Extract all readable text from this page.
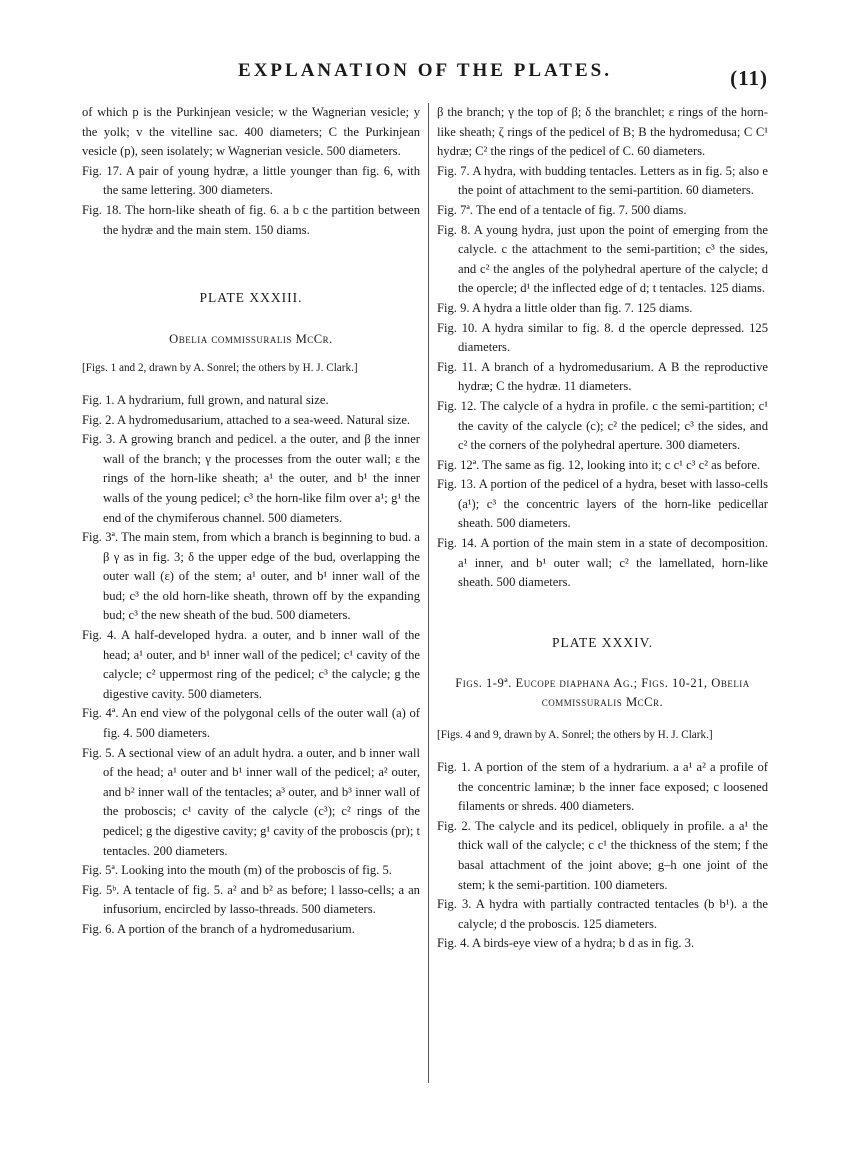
EXPLANATION OF THE PLATES.	(11)

of which p is the Purkinjean vesicle; w the Wagnerian vesicle; y the yolk; v the vitelline sac. 400 diameters; C the Purkinjean vesicle (p), seen isolately; w Wagnerian vesicle. 500 diameters.

Fig. 17. A pair of young hydræ, a little younger than fig. 6, with the same lettering. 300 diameters.

Fig. 18. The horn-like sheath of fig. 6. a b c the partition between the hydræ and the main stem. 150 diams.

PLATE XXXIII.
Obelia commissuralis McCr.
[Figs. 1 and 2, drawn by A. Sonrel; the others by H. J. Clark.]

Fig. 1. A hydrarium, full grown, and natural size.

Fig. 2. A hydromedusarium, attached to a sea-weed. Natural size.

Fig. 3. A growing branch and pedicel. a the outer, and β the inner wall of the branch; γ the processes from the outer wall; ε the rings of the horn-like sheath; a¹ the outer, and b¹ the inner walls of the young pedicel; c³ the horn-like film over a¹; g¹ the end of the chymiferous channel. 500 diameters.

Fig. 3ª. The main stem, from which a branch is beginning to bud. a β γ as in fig. 3; δ the upper edge of the bud, overlapping the outer wall (ε) of the stem; a¹ outer, and b¹ inner wall of the bud; c³ the old horn-like sheath, thrown off by the expanding bud; c³ the new sheath of the bud. 500 diameters.

Fig. 4. A half-developed hydra. a outer, and b inner wall of the head; a¹ outer, and b¹ inner wall of the pedicel; c¹ cavity of the calycle; c² uppermost ring of the pedicel; c³ the calycle; g the digestive cavity. 500 diameters.

Fig. 4ª. An end view of the polygonal cells of the outer wall (a) of fig. 4. 500 diameters.

Fig. 5. A sectional view of an adult hydra. a outer, and b inner wall of the head; a¹ outer and b¹ inner wall of the pedicel; a² outer, and b² inner wall of the tentacles; a³ outer, and b³ inner wall of the proboscis; c¹ cavity of the calycle (c³); c² rings of the pedicel; g the digestive cavity; g¹ cavity of the proboscis (pr); t tentacles. 200 diameters.

Fig. 5ª. Looking into the mouth (m) of the proboscis of fig. 5.

Fig. 5ᵇ. A tentacle of fig. 5. a² and b² as before; l lasso-cells; a an infusorium, encircled by lasso-threads. 500 diameters.

Fig. 6. A portion of the branch of a hydromedusarium.

β the branch; γ the top of β; δ the branchlet; ε rings of the horn-like sheath; ζ rings of the pedicel of B; B the hydromedusa; C C¹ hydræ; C² the rings of the pedicel of C. 60 diameters.

Fig. 7. A hydra, with budding tentacles. Letters as in fig. 5; also e the point of attachment to the semi-partition. 60 diameters.

Fig. 7ª. The end of a tentacle of fig. 7. 500 diams.

Fig. 8. A young hydra, just upon the point of emerging from the calycle. c the attachment to the semi-partition; c³ the sides, and c² the angles of the polyhedral aperture of the calycle; d the opercle; d¹ the inflected edge of d; t tentacles. 125 diams.

Fig. 9. A hydra a little older than fig. 7. 125 diams.

Fig. 10. A hydra similar to fig. 8. d the opercle depressed. 125 diameters.

Fig. 11. A branch of a hydromedusarium. A B the reproductive hydræ; C the hydræ. 11 diameters.

Fig. 12. The calycle of a hydra in profile. c the semi-partition; c¹ the cavity of the calycle (c); c² the pedicel; c³ the sides, and c² the corners of the polyhedral aperture. 300 diameters.

Fig. 12ª. The same as fig. 12, looking into it; c c¹ c³ c² as before.

Fig. 13. A portion of the pedicel of a hydra, beset with lasso-cells (a¹); c³ the concentric layers of the horn-like pedicellar sheath. 500 diameters.

Fig. 14. A portion of the main stem in a state of decomposition. a¹ inner, and b¹ outer wall; c² the lamellated, horn-like sheath. 500 diameters.

PLATE XXXIV.
Figs. 1-9ª. Eucope diaphana Ag.; Figs. 10-21, Obelia
commissuralis McCr.
[Figs. 4 and 9, drawn by A. Sonrel; the others by H. J. Clark.]

Fig. 1. A portion of the stem of a hydrarium. a a¹ a² a profile of the concentric laminæ; b the inner face exposed; c loosened filaments or shreds. 400 diameters.

Fig. 2. The calycle and its pedicel, obliquely in profile. a a¹ the thick wall of the calycle; c c¹ the thickness of the stem; f the basal attachment of the joint above; g–h one joint of the stem; k the semi-partition. 100 diameters.

Fig. 3. A hydra with partially contracted tentacles (b b¹). a the calycle; d the proboscis. 125 diameters.

Fig. 4. A birds-eye view of a hydra; b d as in fig. 3.
